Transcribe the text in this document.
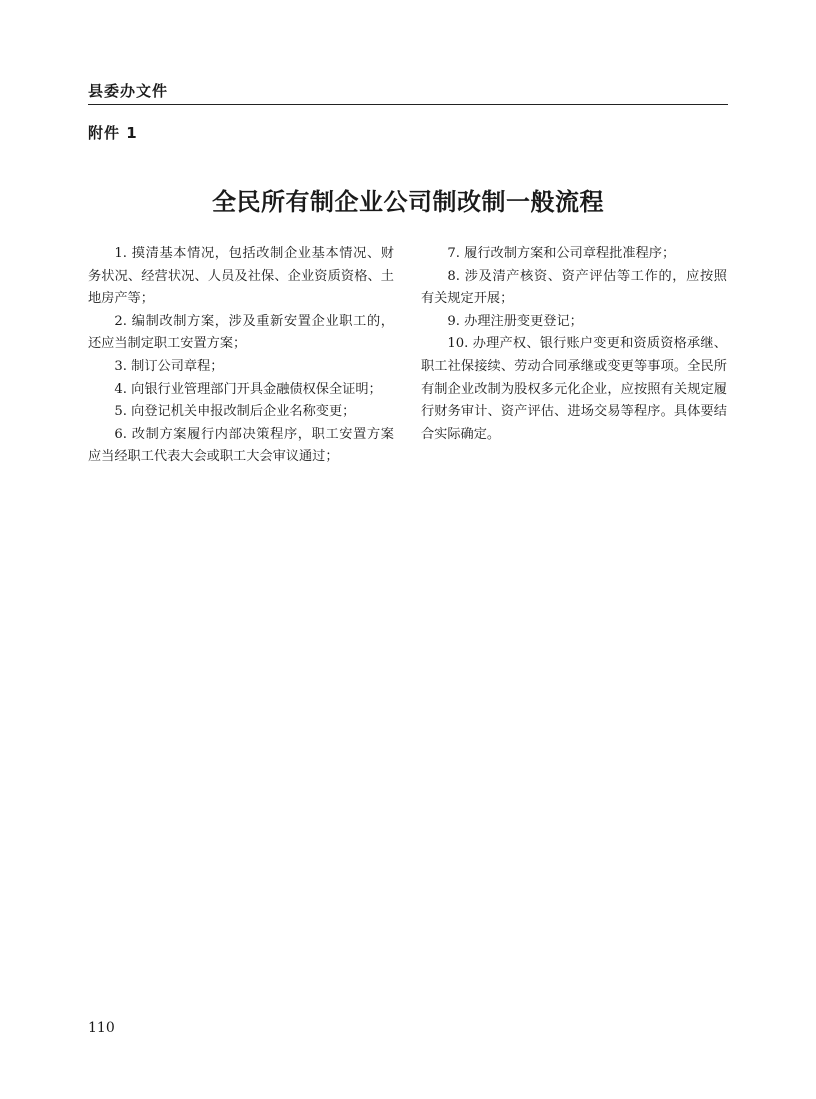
县委办文件
附件 1
全民所有制企业公司制改制一般流程

1. 摸清基本情况，包括改制企业基本情况、财务状况、经营状况、人员及社保、企业资质资格、土地房产等；

2. 编制改制方案，涉及重新安置企业职工的，还应当制定职工安置方案；

3. 制订公司章程；

4. 向银行业管理部门开具金融债权保全证明；

5. 向登记机关申报改制后企业名称变更；

6. 改制方案履行内部决策程序，职工安置方案应当经职工代表大会或职工大会审议通过；

7. 履行改制方案和公司章程批准程序；

8. 涉及清产核资、资产评估等工作的，应按照有关规定开展；

9. 办理注册变更登记；

10. 办理产权、银行账户变更和资质资格承继、职工社保接续、劳动合同承继或变更等事项。全民所有制企业改制为股权多元化企业，应按照有关规定履行财务审计、资产评估、进场交易等程序。具体要结合实际确定。

110
